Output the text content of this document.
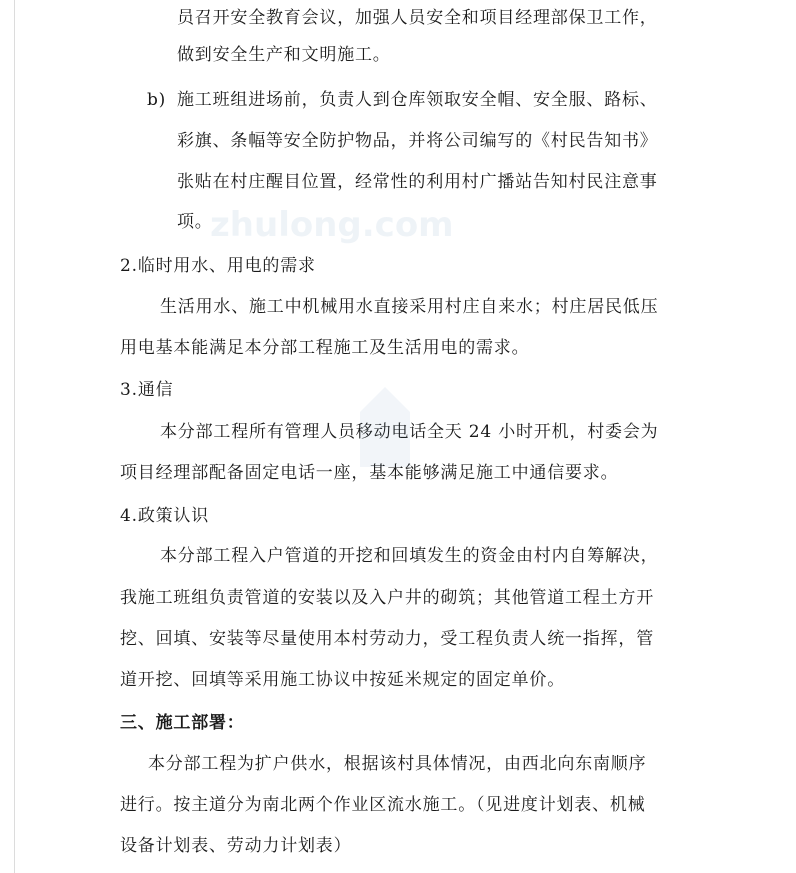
员召开安全教育会议，加强人员安全和项目经理部保卫工作，
做到安全生产和文明施工。
b) 施工班组进场前，负责人到仓库领取安全帽、安全服、路标、
彩旗、条幅等安全防护物品，并将公司编写的《村民告知书》
张贴在村庄醒目位置，经常性的利用村广播站告知村民注意事
项。
2.临时用水、用电的需求
生活用水、施工中机械用水直接采用村庄自来水；村庄居民低压
用电基本能满足本分部工程施工及生活用电的需求。
3.通信
本分部工程所有管理人员移动电话全天 24 小时开机，村委会为
项目经理部配备固定电话一座，基本能够满足施工中通信要求。
4.政策认识
本分部工程入户管道的开挖和回填发生的资金由村内自筹解决，
我施工班组负责管道的安装以及入户井的砌筑；其他管道工程土方开
挖、回填、安装等尽量使用本村劳动力，受工程负责人统一指挥，管
道开挖、回填等采用施工协议中按延米规定的固定单价。
三、施工部署：
本分部工程为扩户供水，根据该村具体情况，由西北向东南顺序
进行。按主道分为南北两个作业区流水施工。（见进度计划表、机械
设备计划表、劳动力计划表）
zhulong.com
